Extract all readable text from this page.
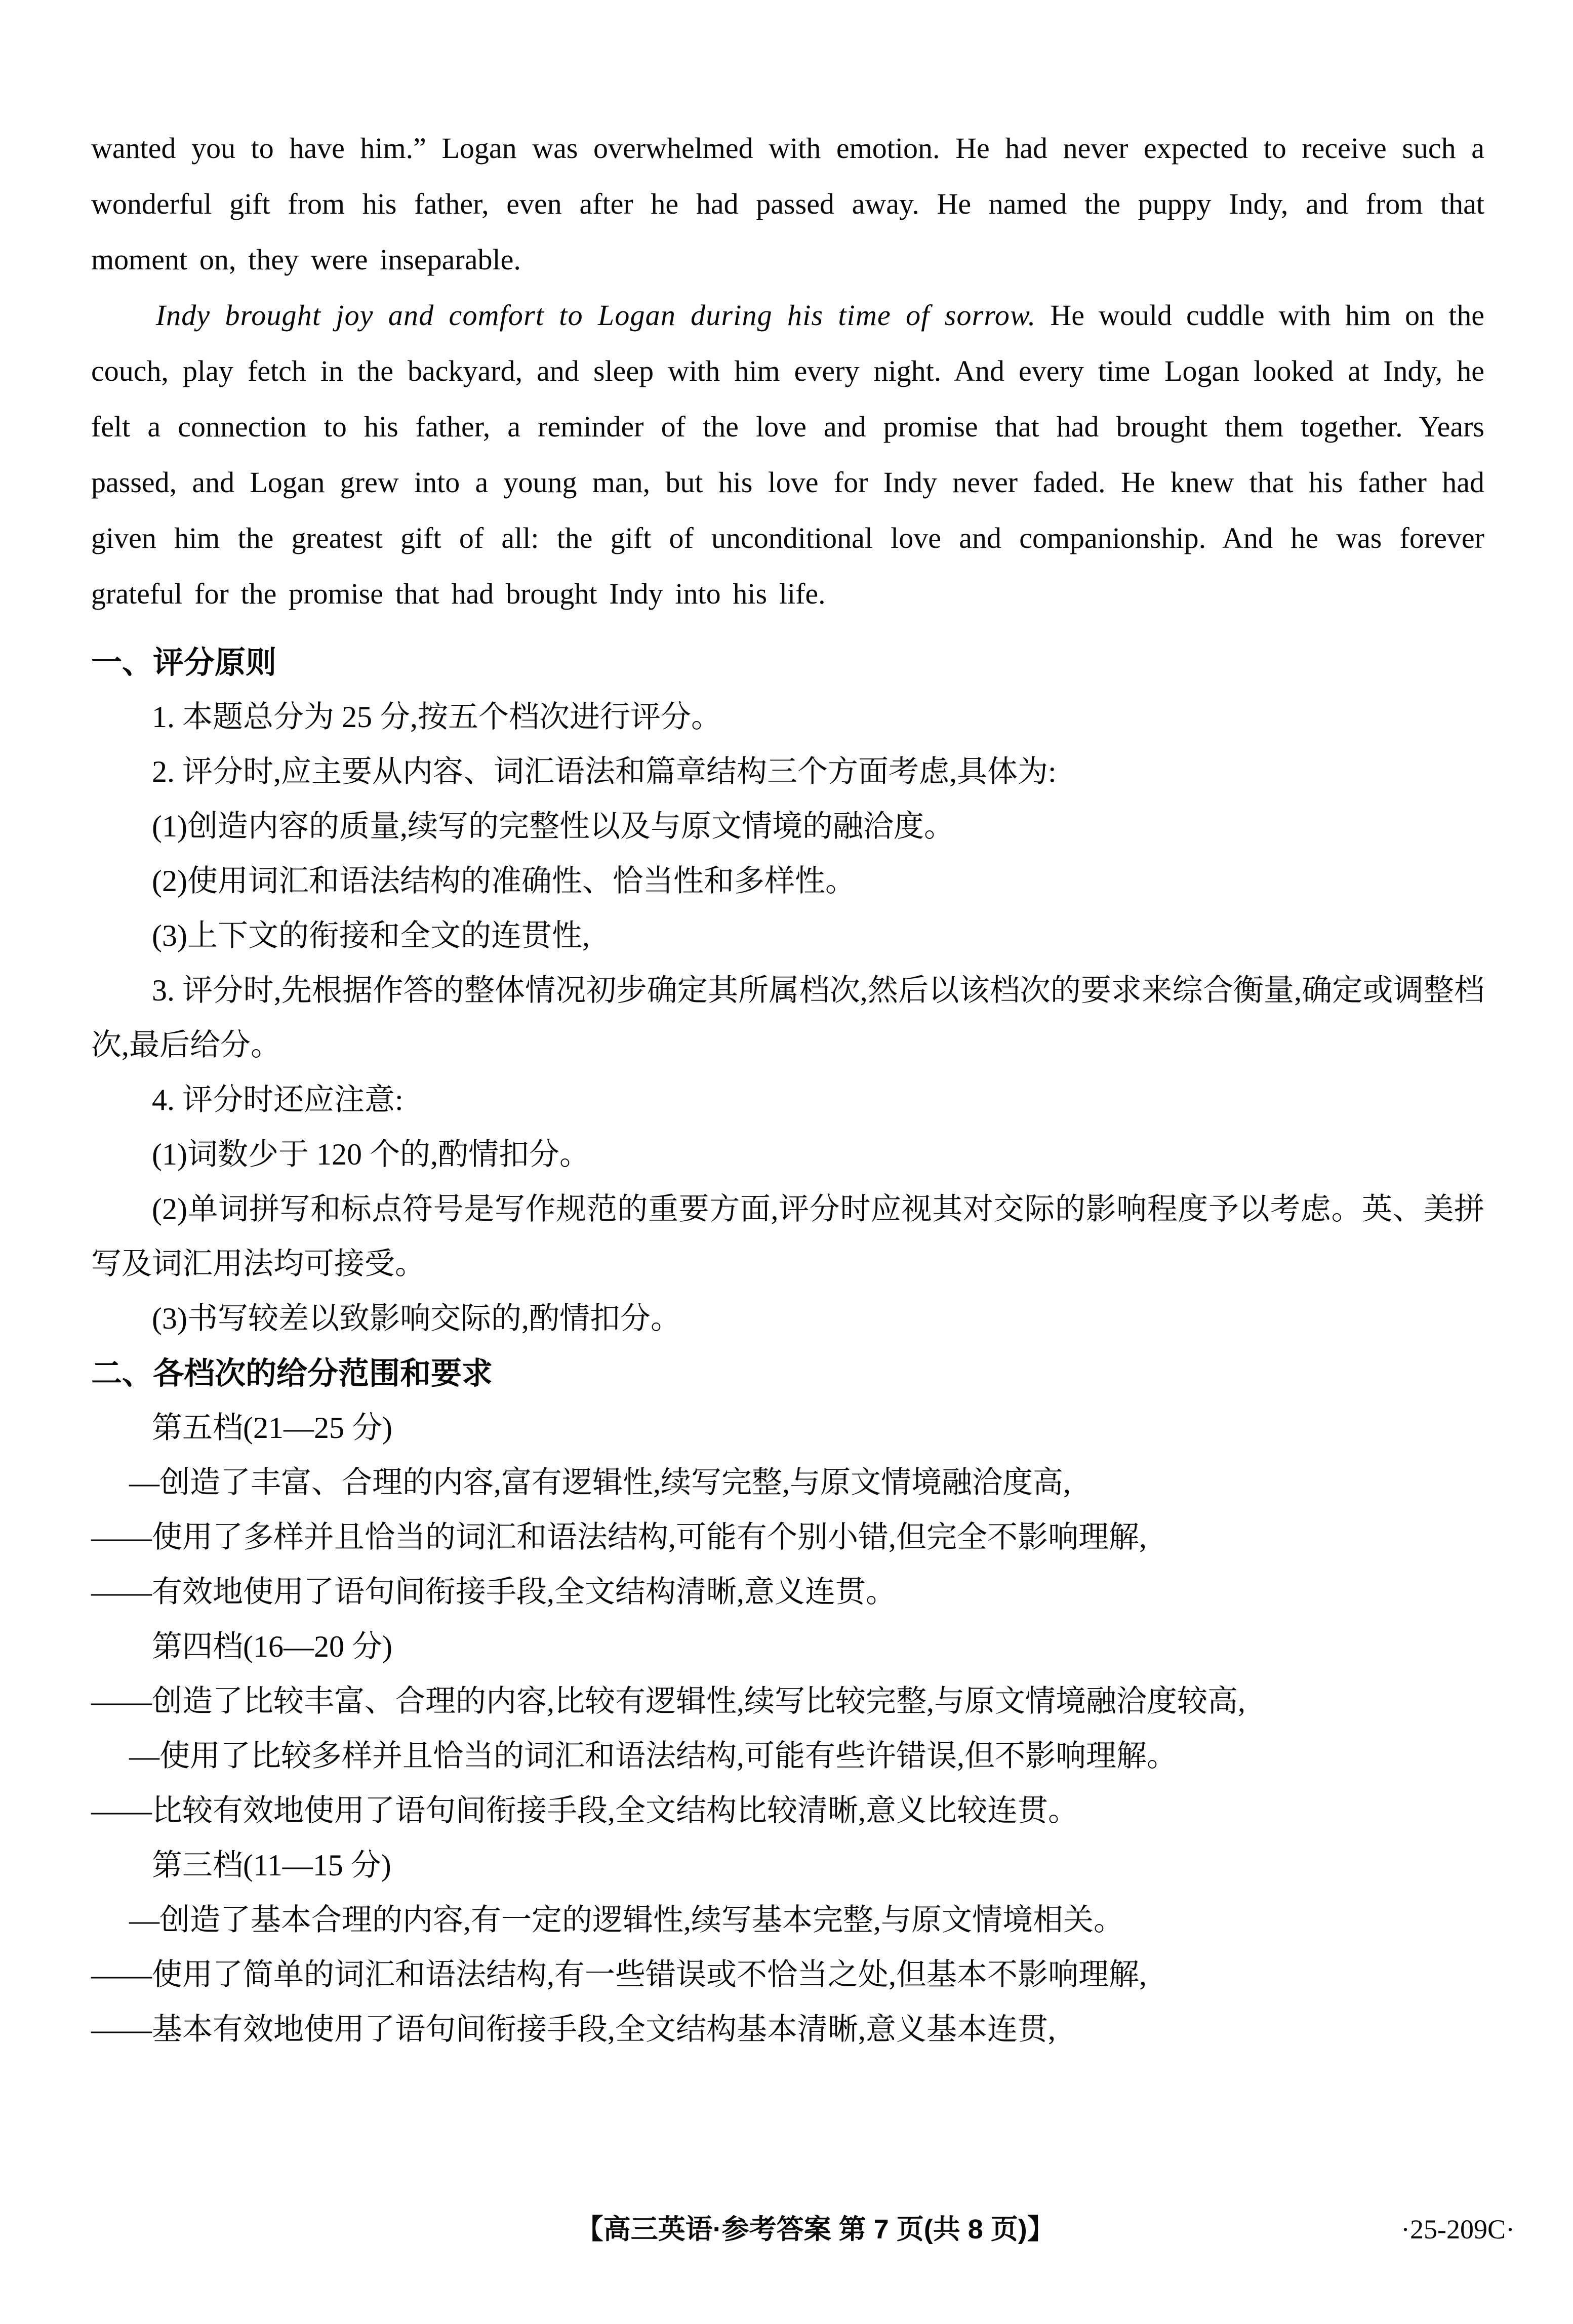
wanted you to have him.” Logan was overwhelmed with emotion. He had never expected to receive such a wonderful gift from his father, even after he had passed away. He named the puppy Indy, and from that moment on, they were inseparable.

Indy brought joy and comfort to Logan during his time of sorrow. He would cuddle with him on the couch, play fetch in the backyard, and sleep with him every night. And every time Logan looked at Indy, he felt a connection to his father, a reminder of the love and promise that had brought them together. Years passed, and Logan grew into a young man, but his love for Indy never faded. He knew that his father had given him the greatest gift of all: the gift of unconditional love and companionship. And he was forever grateful for the promise that had brought Indy into his life.

一、评分原则

1. 本题总分为 25 分,按五个档次进行评分。

2. 评分时,应主要从内容、词汇语法和篇章结构三个方面考虑,具体为:

(1)创造内容的质量,续写的完整性以及与原文情境的融洽度。

(2)使用词汇和语法结构的准确性、恰当性和多样性。

(3)上下文的衔接和全文的连贯性,

3. 评分时,先根据作答的整体情况初步确定其所属档次,然后以该档次的要求来综合衡量,确定或调整档次,最后给分。

4. 评分时还应注意:

(1)词数少于 120 个的,酌情扣分。

(2)单词拼写和标点符号是写作规范的重要方面,评分时应视其对交际的影响程度予以考虑。英、美拼写及词汇用法均可接受。

(3)书写较差以致影响交际的,酌情扣分。

二、各档次的给分范围和要求

第五档(21—25 分)

—创造了丰富、合理的内容,富有逻辑性,续写完整,与原文情境融洽度高,

——使用了多样并且恰当的词汇和语法结构,可能有个别小错,但完全不影响理解,

——有效地使用了语句间衔接手段,全文结构清晰,意义连贯。

第四档(16—20 分)

——创造了比较丰富、合理的内容,比较有逻辑性,续写比较完整,与原文情境融洽度较高,

—使用了比较多样并且恰当的词汇和语法结构,可能有些许错误,但不影响理解。

——比较有效地使用了语句间衔接手段,全文结构比较清晰,意义比较连贯。

第三档(11—15 分)

—创造了基本合理的内容,有一定的逻辑性,续写基本完整,与原文情境相关。

——使用了简单的词汇和语法结构,有一些错误或不恰当之处,但基本不影响理解,

——基本有效地使用了语句间衔接手段,全文结构基本清晰,意义基本连贯,

【高三英语·参考答案 第 7 页(共 8 页)】	·25-209C·
